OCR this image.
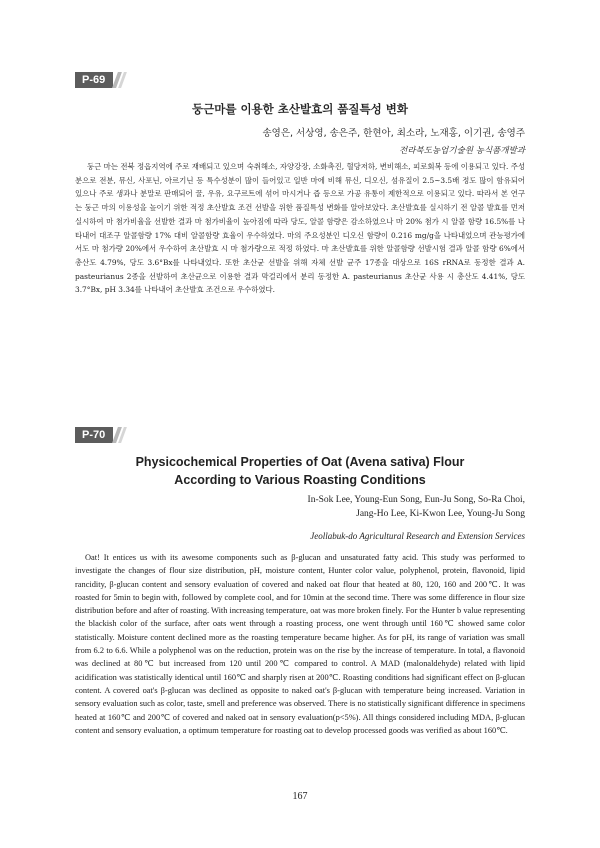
P-69
둥근마를 이용한 초산발효의 품질특성 변화
송영은, 서상영, 송은주, 한현아, 최소라, 노재홍, 이기권, 송영주
전라북도농업기술원 농식품개발과

둥근 마는 전북 정읍지역에 주로 재배되고 있으며 숙취해소, 자양강장, 소화촉진, 혈당저하, 변비해소, 피로회복 등에 이용되고 있다. 주성분으로 전분, 뮤신, 사포닌, 아르기닌 등 특수성분이 많이 들어있고 일반 마에 비해 뮤신, 디오신, 섬유질이 2.5~3.5배 정도 많이 함유되어 있으나 주로 생과나 분말로 판매되어 꿀, 우유, 요구르트에 섞어 마시거나 즙 등으로 가공 유통이 제한적으로 이용되고 있다. 따라서 본 연구는 둥근 마의 이용성을 높이기 위한 적정 초산발효 조건 선발을 위한 품질특성 변화를 알아보았다. 초산발효를 실시하기 전 알콜 발효를 먼저 실시하여 마 첨가비율을 선발한 결과 마 첨가비율이 높아짐에 따라 당도, 알콜 함량은 감소하였으나 마 20% 첨가 시 알콜 함량 16.5%를 나타내어 대조구 알콜함량 17% 대비 알콜함량 효율이 우수하였다. 마의 주요성분인 디오신 함량이 0.216 mg/g을 나타내었으며 관능평가에서도 마 첨가량 20%에서 우수하여 초산발효 시 마 첨가량으로 적정 하였다. 마 초산발효를 위한 알콜함량 선발시험 결과 알콜 함량 6%에서 총산도 4.79%, 당도 3.6°Bx를 나타내었다. 또한 초산균 선발을 위해 자체 선발 균주 17종을 대상으로 16S rRNA로 동정한 결과 A. pasteurianus 2종을 선발하여 초산균으로 이용한 결과 막걸리에서 분리 동정한 A. pasteurianus 초산균 사용 시 총산도 4.41%, 당도 3.7°Bx, pH 3.34를 나타내어 초산발효 조건으로 우수하였다.

P-70
Physicochemical Properties of Oat (Avena sativa) Flour
According to Various Roasting Conditions
In-Sok Lee, Young-Eun Song, Eun-Ju Song, So-Ra Choi,
Jang-Ho Lee, Ki-Kwon Lee, Young-Ju Song
Jeollabuk-do Agricultural Research and Extension Services

Oat! It entices us with its awesome components such as β-glucan and unsaturated fatty acid. This study was performed to investigate the changes of flour size distribution, pH, moisture content, Hunter color value, polyphenol, protein, flavonoid, lipid rancidity, β-glucan content and sensory evaluation of covered and naked oat flour that heated at 80, 120, 160 and 200℃. It was roasted for 5min to begin with, followed by complete cool, and for 10min at the second time. There was some difference in flour size distribution before and after of roasting. With increasing temperature, oat was more broken finely. For the Hunter b value representing the blackish color of the surface, after oats went through a roasting process, one went through until 160℃ showed same color statistically. Moisture content declined more as the roasting temperature became higher. As for pH, its range of variation was small from 6.2 to 6.6. While a polyphenol was on the reduction, protein was on the rise by the increase of temperature. In total, a flavonoid was declined at 80℃ but increased from 120 until 200℃ compared to control. A MAD (malonaldehyde) related with lipid acidification was statistically identical until 160℃ and sharply risen at 200℃. Roasting conditions had significant effect on β-glucan content. A covered oat's β-glucan was declined as opposite to naked oat's β-glucan with temperature being increased. Variation in sensory evaluation such as color, taste, smell and preference was observed. There is no statistically significant difference in specimens heated at 160℃ and 200℃ of covered and naked oat in sensory evaluation(p<5%). All things considered including MDA, β-glucan content and sensory evaluation, a optimum temperature for roasting oat to develop processed goods was verified as about 160℃.

167
